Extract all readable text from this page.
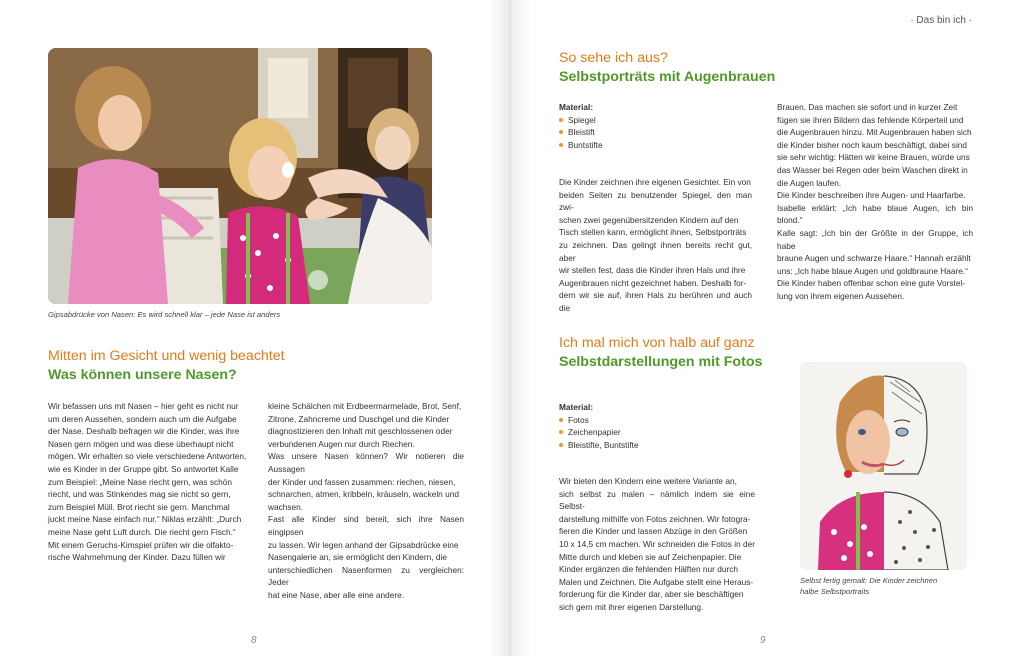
Gipsabdrücke von Nasen: Es wird schnell klar – jede Nase ist anders
Mitten im Gesicht und wenig beachtet
Was können unsere Nasen?

Wir befassen uns mit Nasen – hier geht es nicht nur

um deren Aussehen, sondern auch um die Aufgabe

der Nase. Deshalb befragen wir die Kinder, was ihre

Nasen gern mögen und was diese überhaupt nicht

mögen. Wir erhalten so viele verschiedene Antworten,

wie es Kinder in der Gruppe gibt. So antwortet Kalle

zum Beispiel: „Meine Nase riecht gern, was schön

riecht, und was Stinkendes mag sie nicht so gern,

zum Beispiel Müll. Brot riecht sie gern. Manchmal

juckt meine Nase einfach nur.“ Niklas erzählt: „Durch

meine Nase geht Luft durch. Die riecht gern Fisch.“

Mit einem Geruchs-Kimspiel prüfen wir die olfakto-

rische Wahrnehmung der Kinder. Dazu füllen wir

kleine Schälchen mit Erdbeermarmelade, Brot, Senf,

Zitrone, Zahncreme und Duschgel und die Kinder

diagnostizieren den Inhalt mit geschlossenen oder

verbundenen Augen nur durch Riechen.

Was unsere Nasen können? Wir notieren die Aussagen

der Kinder und fassen zusammen: riechen, niesen,

schnarchen, atmen, kribbeln, kräuseln, wackeln und

wachsen.

Fast alle Kinder sind bereit, sich ihre Nasen eingipsen

zu lassen. Wir legen anhand der Gipsabdrücke eine

Nasengalerie an, sie ermöglicht den Kindern, die

unterschiedlichen Nasenformen zu vergleichen: Jeder

hat eine Nase, aber alle eine andere.

8
· Das bin ich ·
So sehe ich aus?
Selbstporträts mit Augenbrauen
Material:
Spiegel
Bleistift
Buntstifte

Die Kinder zeichnen ihre eigenen Gesichter. Ein von

beiden Seiten zu benutzender Spiegel, den man zwi-

schen zwei gegenübersitzenden Kindern auf den

Tisch stellen kann, ermöglicht ihnen, Selbstporträts

zu zeichnen. Das gelingt ihnen bereits recht gut, aber

wir stellen fest, dass die Kinder ihren Hals und ihre

Augenbrauen nicht gezeichnet haben. Deshalb for-

dern wir sie auf, ihren Hals zu berühren und auch die

Brauen. Das machen sie sofort und in kurzer Zeit

fügen sie ihren Bildern das fehlende Körperteil und

die Augenbrauen hinzu. Mit Augenbrauen haben sich

die Kinder bisher noch kaum beschäftigt, dabei sind

sie sehr wichtig: Hätten wir keine Brauen, würde uns

das Wasser bei Regen oder beim Waschen direkt in

die Augen laufen.

Die Kinder beschreiben ihre Augen- und Haarfarbe.

Isabelle erklärt: „Ich habe blaue Augen, ich bin blond.“

Kalle sagt: „Ich bin der Größte in der Gruppe, ich habe

braune Augen und schwarze Haare.“ Hannah erzählt

uns: „Ich habe blaue Augen und goldbraune Haare.“

Die Kinder haben offenbar schon eine gute Vorstel-

lung von ihrem eigenen Aussehen.

Ich mal mich von halb auf ganz
Selbstdarstellungen mit Fotos
Material:
Fotos
Zeichenpapier
Bleistifte, Buntstifte

Wir bieten den Kindern eine weitere Variante an,

sich selbst zu malen – nämlich indem sie eine Selbst-

darstellung mithilfe von Fotos zeichnen. Wir fotogra-

fieren die Kinder und lassen Abzüge in den Größen

10 x 14,5 cm machen. Wir schneiden die Fotos in der

Mitte durch und kleben sie auf Zeichenpapier. Die

Kinder ergänzen die fehlenden Hälften nur durch

Malen und Zeichnen. Die Aufgabe stellt eine Heraus-

forderung für die Kinder dar, aber sie beschäftigen

sich gern mit ihrer eigenen Darstellung.

Selbst fertig gemalt: Die Kinder zeichnen
halbe Selbstportraits
9
